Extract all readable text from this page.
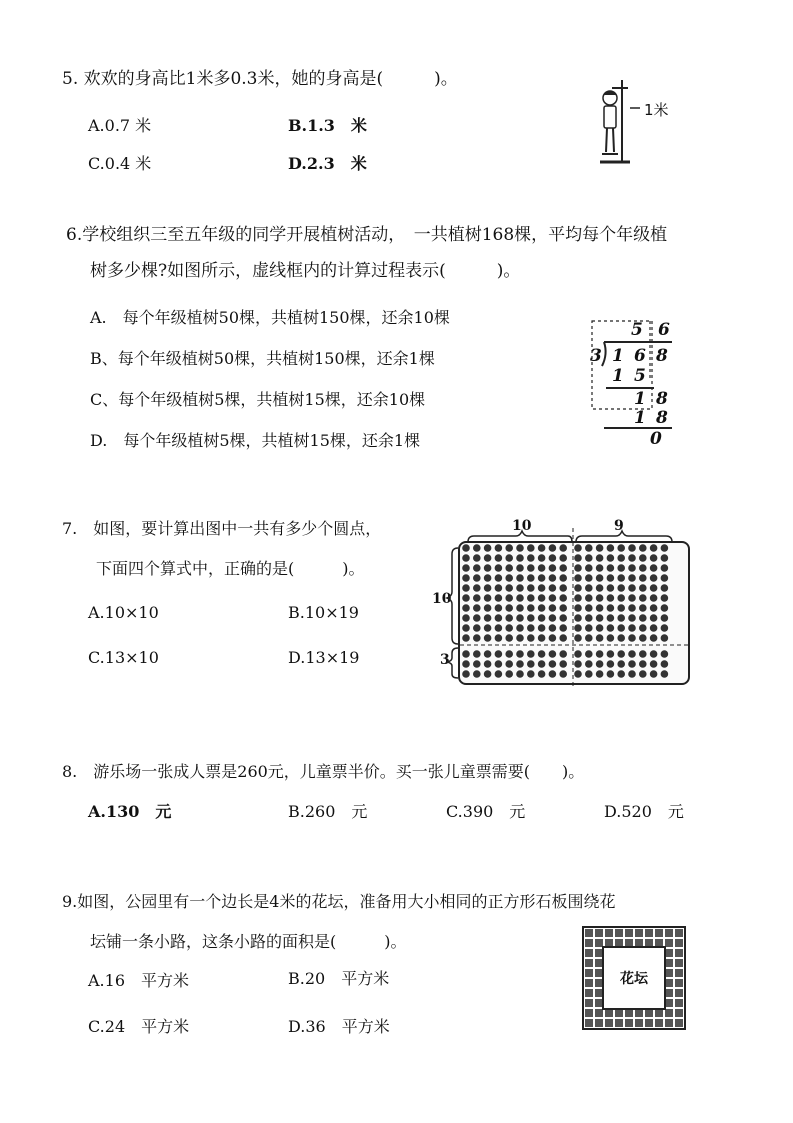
5. 欢欢的身高比1米多0.3米，她的身高是(　　　)。
A.0.7 米	B.1.3　米
C.0.4 米	D.2.3　米
1米
6.学校组织三至五年级的同学开展植树活动，　一共植树168棵，平均每个年级植
树多少棵?如图所示，虚线框内的计算过程表示(　　　)。
A.　每个年级植树50棵，共植树150棵，还余10棵
B、每个年级植树50棵，共植树150棵，还余1棵
C、每个年级植树5棵，共植树15棵，还余10棵
D.　每个年级植树5棵，共植树15棵，还余1棵
5 6
3 1 6 8
1 5
1 8
1 8
0
7.　如图，要计算出图中一共有多少个圆点，
下面四个算式中，正确的是(　　　)。
A.10×10	B.10×19
C.13×10	D.13×19
10	9
10
3
8.　游乐场一张成人票是260元，儿童票半价。买一张儿童票需要(　　)。
A.130　元	B.260　元	C.390　元	D.520　元
9.如图，公园里有一个边长是4米的花坛，准备用大小相同的正方形石板围绕花
坛铺一条小路，这条小路的面积是(　　　)。
A.16　平方米	B.20　平方米
C.24　平方米	D.36　平方米
花坛
